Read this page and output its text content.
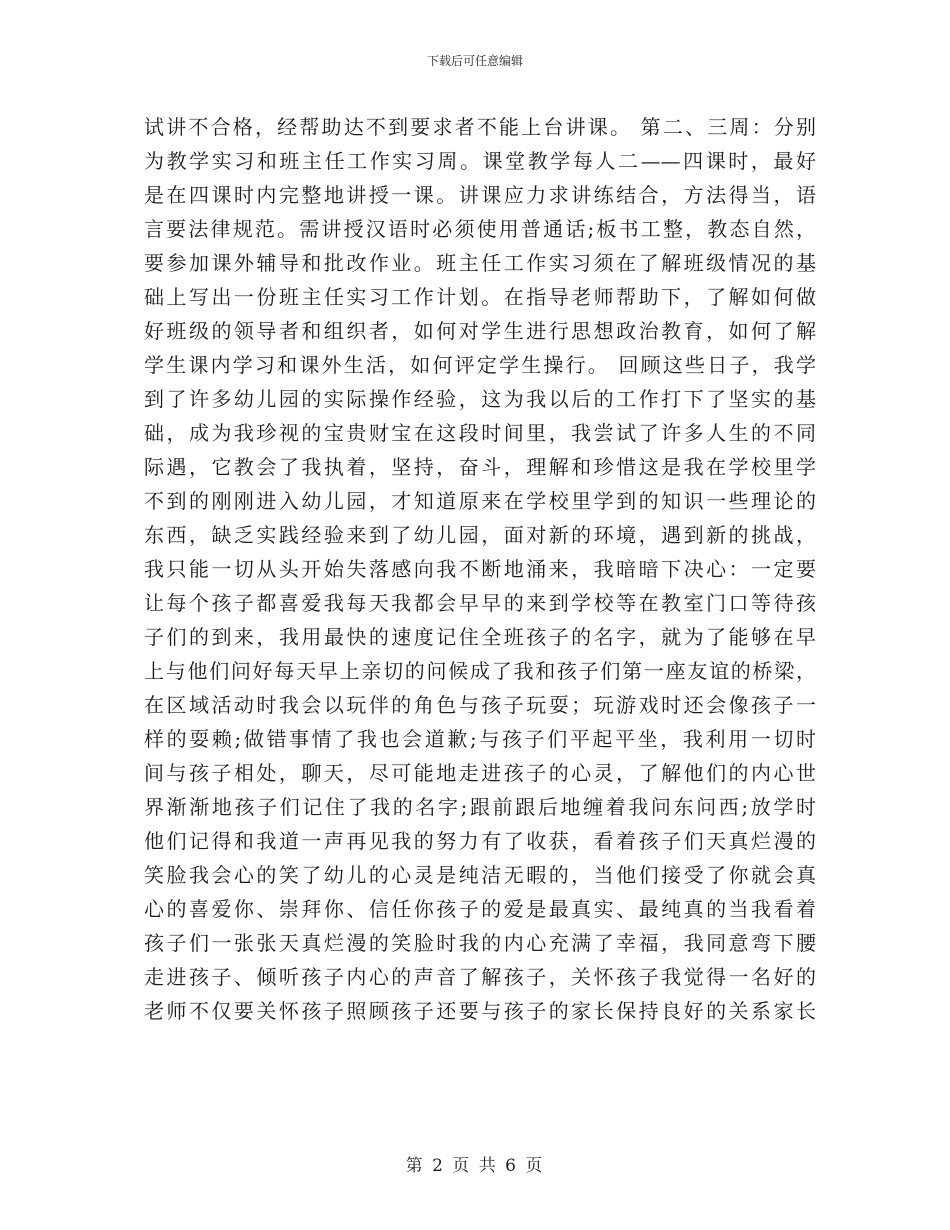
下载后可任意编辑
试讲不合格，经帮助达不到要求者不能上台讲课。 第二、三周：分别
为教学实习和班主任工作实习周。课堂教学每人二——四课时，最好
是在四课时内完整地讲授一课。讲课应力求讲练结合，方法得当，语
言要法律规范。需讲授汉语时必须使用普通话;板书工整，教态自然，
要参加课外辅导和批改作业。班主任工作实习须在了解班级情况的基
础上写出一份班主任实习工作计划。在指导老师帮助下，了解如何做
好班级的领导者和组织者，如何对学生进行思想政治教育，如何了解
学生课内学习和课外生活，如何评定学生操行。 回顾这些日子，我学
到了许多幼儿园的实际操作经验，这为我以后的工作打下了坚实的基
础，成为我珍视的宝贵财宝在这段时间里，我尝试了许多人生的不同
际遇，它教会了我执着，坚持，奋斗，理解和珍惜这是我在学校里学
不到的刚刚进入幼儿园，才知道原来在学校里学到的知识一些理论的
东西，缺乏实践经验来到了幼儿园，面对新的环境，遇到新的挑战，
我只能一切从头开始失落感向我不断地涌来，我暗暗下决心：一定要
让每个孩子都喜爱我每天我都会早早的来到学校等在教室门口等待孩
子们的到来，我用最快的速度记住全班孩子的名字，就为了能够在早
上与他们问好每天早上亲切的问候成了我和孩子们第一座友谊的桥梁，
在区域活动时我会以玩伴的角色与孩子玩耍；玩游戏时还会像孩子一
样的耍赖;做错事情了我也会道歉;与孩子们平起平坐，我利用一切时
间与孩子相处，聊天，尽可能地走进孩子的心灵，了解他们的内心世
界渐渐地孩子们记住了我的名字;跟前跟后地缠着我问东问西;放学时
他们记得和我道一声再见我的努力有了收获，看着孩子们天真烂漫的
笑脸我会心的笑了幼儿的心灵是纯洁无暇的，当他们接受了你就会真
心的喜爱你、崇拜你、信任你孩子的爱是最真实、最纯真的当我看着
孩子们一张张天真烂漫的笑脸时我的内心充满了幸福，我同意弯下腰
走进孩子、倾听孩子内心的声音了解孩子，关怀孩子我觉得一名好的
老师不仅要关怀孩子照顾孩子还要与孩子的家长保持良好的关系家长
第 2 页 共 6 页
